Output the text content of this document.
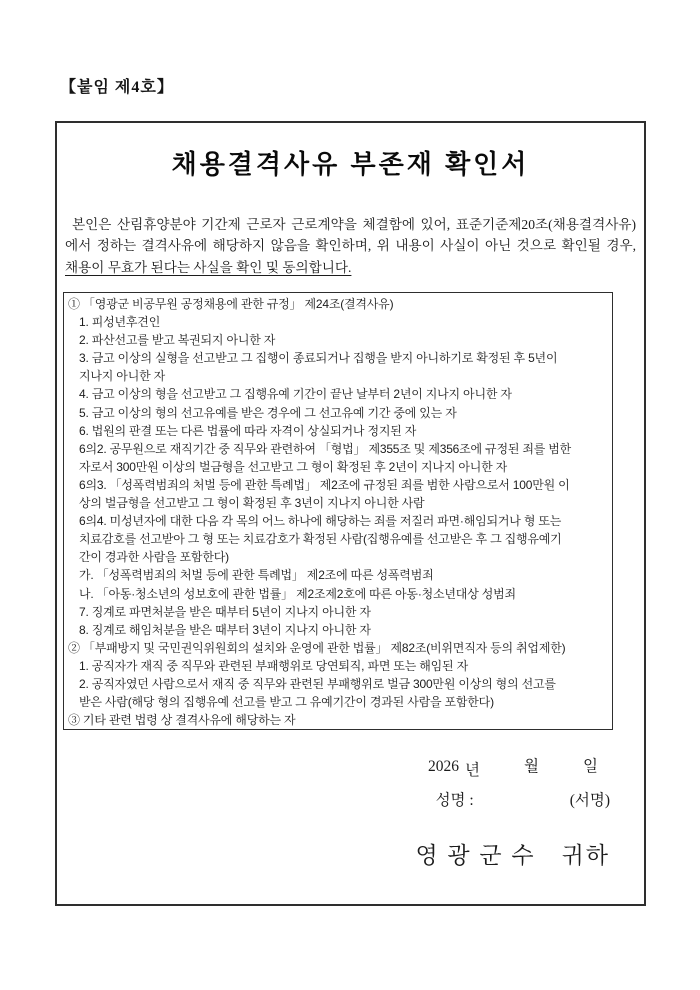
【붙임 제4호】
채용결격사유 부존재 확인서

본인은 산림휴양분야 기간제 근로자 근로계약을 체결함에 있어, 표준기준제20조(채용결격사유)에서 정하는 결격사유에 해당하지 않음을 확인하며, 위 내용이 사실이 아닌 것으로 확인될 경우, 채용이 무효가 된다는 사실을 확인 및 동의합니다.

① 「영광군 비공무원 공정채용에 관한 규정」 제24조(결격사유)
1. 피성년후견인
2. 파산선고를 받고 복권되지 아니한 자
3. 금고 이상의 실형을 선고받고 그 집행이 종료되거나 집행을 받지 아니하기로 확정된 후 5년이
지나지 아니한 자
4. 금고 이상의 형을 선고받고 그 집행유예 기간이 끝난 날부터 2년이 지나지 아니한 자
5. 금고 이상의 형의 선고유예를 받은 경우에 그 선고유예 기간 중에 있는 자
6. 법원의 판결 또는 다른 법률에 따라 자격이 상실되거나 정지된 자
6의2. 공무원으로 재직기간 중 직무와 관련하여 「형법」 제355조 및 제356조에 규정된 죄를 범한
자로서 300만원 이상의 벌금형을 선고받고 그 형이 확정된 후 2년이 지나지 아니한 자
6의3. 「성폭력범죄의 처벌 등에 관한 특례법」 제2조에 규정된 죄를 범한 사람으로서 100만원 이
상의 벌금형을 선고받고 그 형이 확정된 후 3년이 지나지 아니한 사람
6의4. 미성년자에 대한 다음 각 목의 어느 하나에 해당하는 죄를 저질러 파면·해임되거나 형 또는
치료감호를 선고받아 그 형 또는 치료감호가 확정된 사람(집행유예를 선고받은 후 그 집행유예기
간이 경과한 사람을 포함한다)
가. 「성폭력범죄의 처벌 등에 관한 특례법」 제2조에 따른 성폭력범죄
나. 「아동·청소년의 성보호에 관한 법률」 제2조제2호에 따른 아동·청소년대상 성범죄
7. 징계로 파면처분을 받은 때부터 5년이 지나지 아니한 자
8. 징계로 해임처분을 받은 때부터 3년이 지나지 아니한 자
② 「부패방지 및 국민권익위원회의 설치와 운영에 관한 법률」 제82조(비위면직자 등의 취업제한)
1. 공직자가 재직 중 직무와 관련된 부패행위로 당연퇴직, 파면 또는 해임된 자
2. 공직자였던 사람으로서 재직 중 직무와 관련된 부패행위로 벌금 300만원 이상의 형의 선고를
받은 사람(해당 형의 집행유예 선고를 받고 그 유예기간이 경과된 사람을 포함한다)
③ 기타 관련 법령 상 결격사유에 해당하는 자
2026 년	월	일
성명 :	(서명)
영 광 군 수 귀하
